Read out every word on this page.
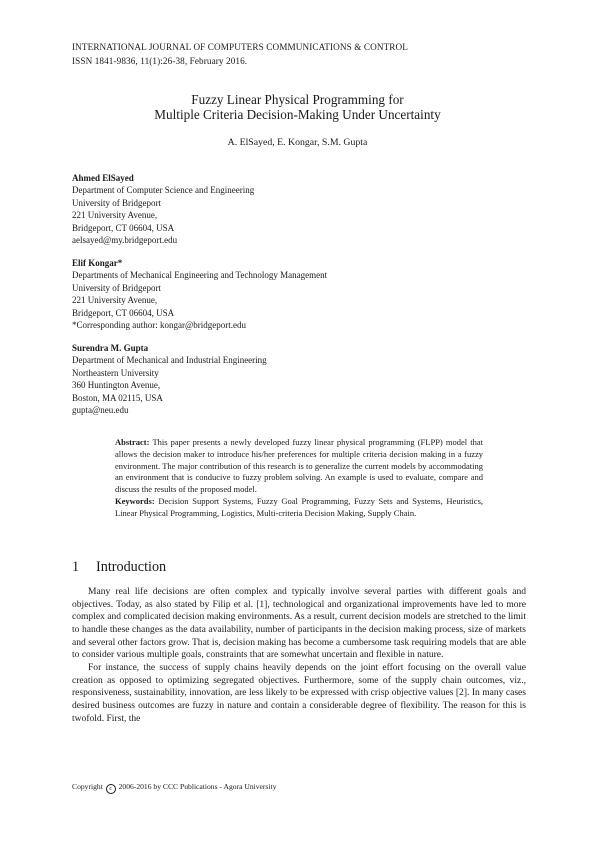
INTERNATIONAL JOURNAL OF COMPUTERS COMMUNICATIONS & CONTROL
ISSN 1841-9836, 11(1):26-38, February 2016.
Fuzzy Linear Physical Programming for
Multiple Criteria Decision-Making Under Uncertainty
A. ElSayed, E. Kongar, S.M. Gupta
Ahmed ElSayed
Department of Computer Science and Engineering
University of Bridgeport
221 University Avenue,
Bridgeport, CT 06604, USA
aelsayed@my.bridgeport.edu
Elif Kongar*
Departments of Mechanical Engineering and Technology Management
University of Bridgeport
221 University Avenue,
Bridgeport, CT 06604, USA
*Corresponding author: kongar@bridgeport.edu
Surendra M. Gupta
Department of Mechanical and Industrial Engineering
Northeastern University
360 Huntington Avenue,
Boston, MA 02115, USA
gupta@neu.edu

Abstract: This paper presents a newly developed fuzzy linear physical programming (FLPP) model that allows the decision maker to introduce his/her preferences for multiple criteria decision making in a fuzzy environment. The major contribution of this research is to generalize the current models by accommodating an environment that is conducive to fuzzy problem solving. An example is used to evaluate, compare and discuss the results of the proposed model.

Keywords: Decision Support Systems, Fuzzy Goal Programming, Fuzzy Sets and Systems, Heuristics, Linear Physical Programming, Logistics, Multi-criteria Decision Making, Supply Chain.

1 Introduction

Many real life decisions are often complex and typically involve several parties with different goals and objectives. Today, as also stated by Filip et al. [1], technological and organizational improvements have led to more complex and complicated decision making environments. As a result, current decision models are stretched to the limit to handle these changes as the data availability, number of participants in the decision making process, size of markets and several other factors grow. That is, decision making has become a cumbersome task requiring models that are able to consider various multiple goals, constraints that are somewhat uncertain and flexible in nature.

For instance, the success of supply chains heavily depends on the joint effort focusing on the overall value creation as opposed to optimizing segregated objectives. Furthermore, some of the supply chain outcomes, viz., responsiveness, sustainability, innovation, are less likely to be expressed with crisp objective values [2]. In many cases desired business outcomes are fuzzy in nature and contain a considerable degree of flexibility. The reason for this is twofold. First, the

Copyright c 2006-2016 by CCC Publications - Agora University
